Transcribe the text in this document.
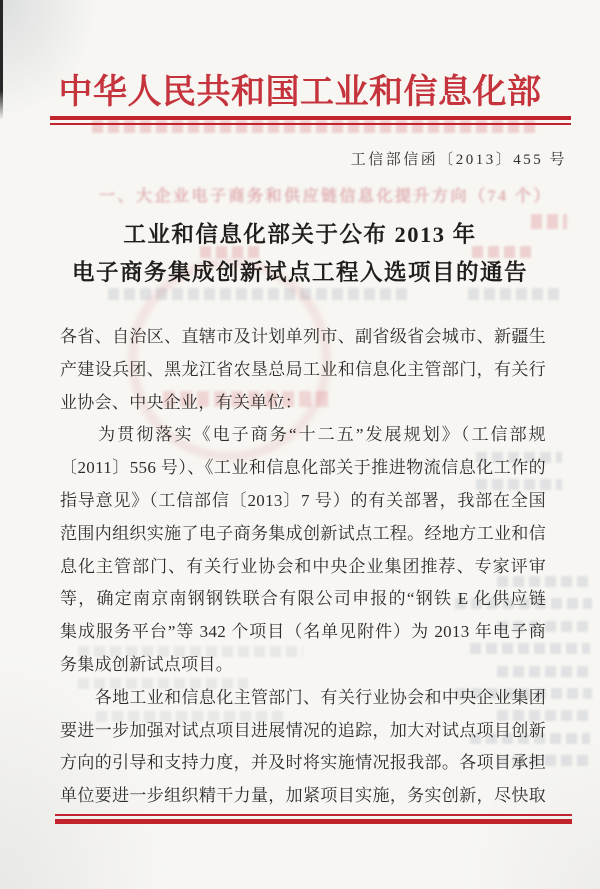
一、大企业电子商务和供应链信息化提升方向（74 个）
中华人民共和国工业和信息化部
工信部信函〔2013〕455 号
工业和信息化部关于公布 2013 年
电子商务集成创新试点工程入选项目的通告

各省、自治区、直辖市及计划单列市、副省级省会城市、新疆生

产建设兵团、黑龙江省农垦总局工业和信息化主管部门，有关行

业协会、中央企业，有关单位：

　　为贯彻落实《电子商务“十二五”发展规划》（工信部规

〔2011〕556 号）、《工业和信息化部关于推进物流信息化工作的

指导意见》（工信部信〔2013〕7 号）的有关部署，我部在全国

范围内组织实施了电子商务集成创新试点工程。经地方工业和信

息化主管部门、有关行业协会和中央企业集团推荐、专家评审

等，确定南京南钢钢铁联合有限公司申报的“钢铁 E 化供应链

集成服务平台”等 342 个项目（名单见附件）为 2013 年电子商

务集成创新试点项目。

　　各地工业和信息化主管部门、有关行业协会和中央企业集团

要进一步加强对试点项目进展情况的追踪，加大对试点项目创新

方向的引导和支持力度，并及时将实施情况报我部。各项目承担

单位要进一步组织精干力量，加紧项目实施，务实创新，尽快取
